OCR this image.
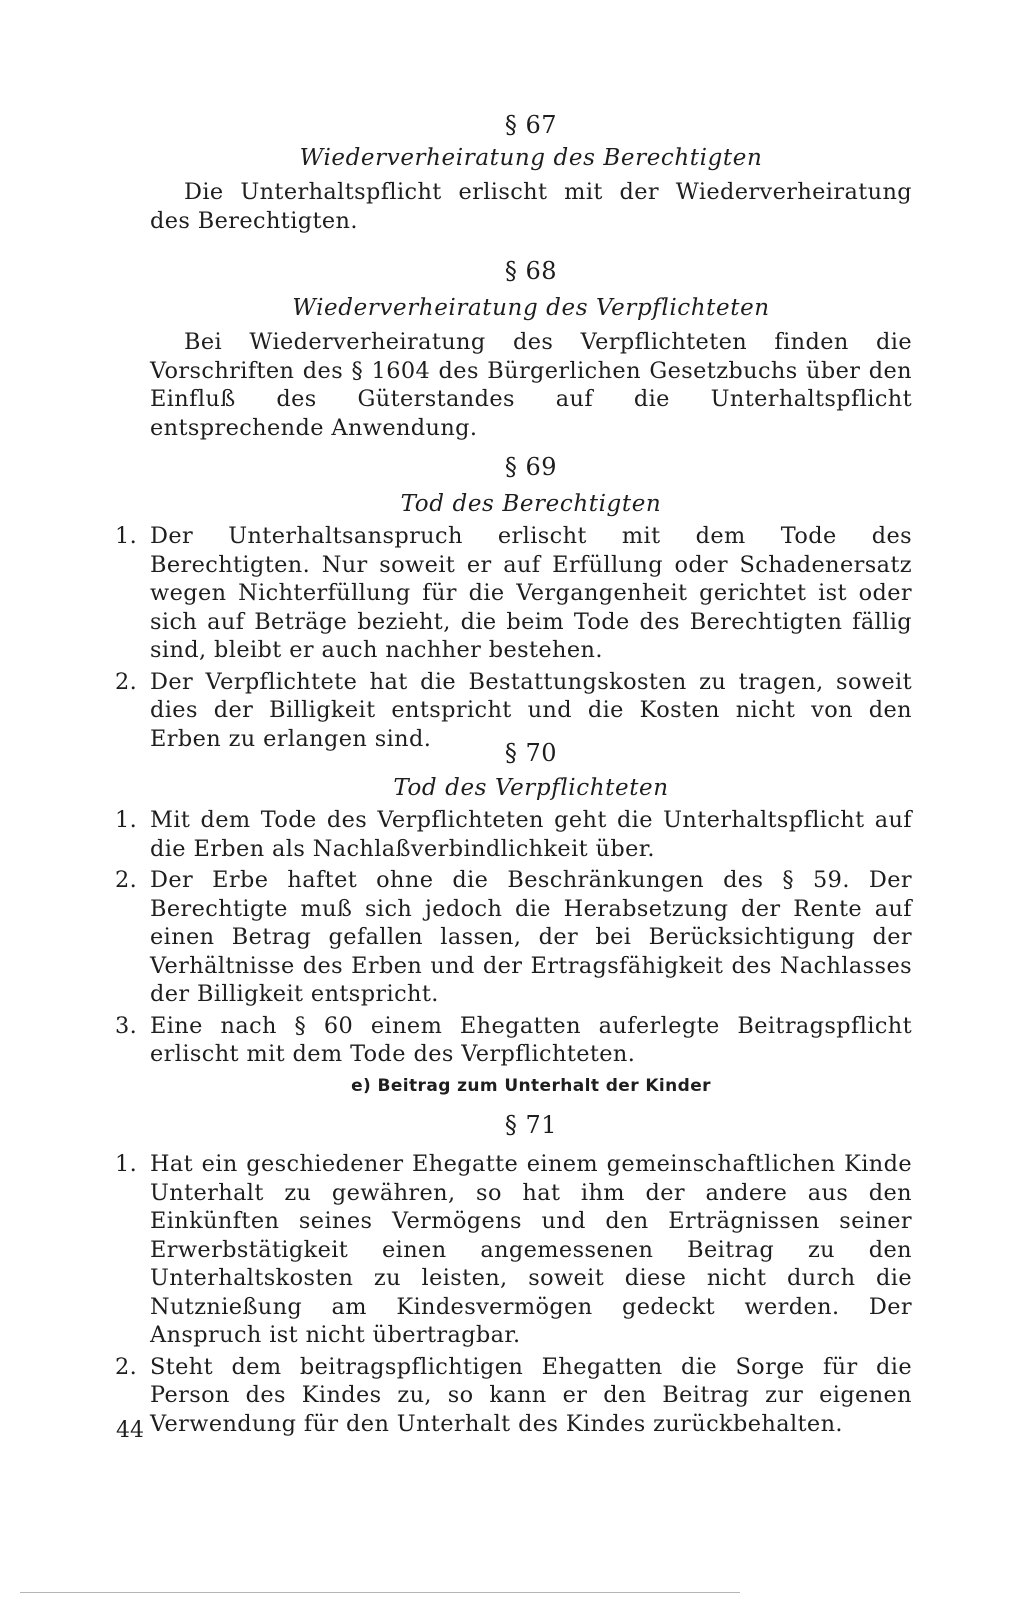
§ 67
Wiederverheiratung des Berechtigten
Die Unterhaltspflicht erlischt mit der Wiederverheiratung des Berechtigten.
§ 68
Wiederverheiratung des Verpflichteten
Bei Wiederverheiratung des Verpflichteten finden die Vorschriften des § 1604 des Bürgerlichen Gesetzbuchs über den Einfluß des Güterstandes auf die Unterhaltspflicht entsprechende Anwendung.
§ 69
Tod des Berechtigten
1. Der Unterhaltsanspruch erlischt mit dem Tode des Berechtigten. Nur soweit er auf Erfüllung oder Schadenersatz wegen Nichterfüllung für die Vergangenheit gerichtet ist oder sich auf Beträge bezieht, die beim Tode des Berechtigten fällig sind, bleibt er auch nachher bestehen.
2. Der Verpflichtete hat die Bestattungskosten zu tragen, soweit dies der Billigkeit entspricht und die Kosten nicht von den Erben zu erlangen sind.
§ 70
Tod des Verpflichteten
1. Mit dem Tode des Verpflichteten geht die Unterhaltspflicht auf die Erben als Nachlaßverbindlichkeit über.
2. Der Erbe haftet ohne die Beschränkungen des § 59. Der Berechtigte muß sich jedoch die Herabsetzung der Rente auf einen Betrag gefallen lassen, der bei Berücksichtigung der Verhältnisse des Erben und der Ertragsfähigkeit des Nachlasses der Billigkeit entspricht.
3. Eine nach § 60 einem Ehegatten auferlegte Beitragspflicht erlischt mit dem Tode des Verpflichteten.
e) Beitrag zum Unterhalt der Kinder
§ 71
1. Hat ein geschiedener Ehegatte einem gemeinschaftlichen Kinde Unterhalt zu gewähren, so hat ihm der andere aus den Einkünften seines Vermögens und den Erträgnissen seiner Erwerbstätigkeit einen angemessenen Beitrag zu den Unterhaltskosten zu leisten, soweit diese nicht durch die Nutznießung am Kindesvermögen gedeckt werden. Der Anspruch ist nicht übertragbar.
2. Steht dem beitragspflichtigen Ehegatten die Sorge für die Person des Kindes zu, so kann er den Beitrag zur eigenen Verwendung für den Unterhalt des Kindes zurückbehalten.
44
